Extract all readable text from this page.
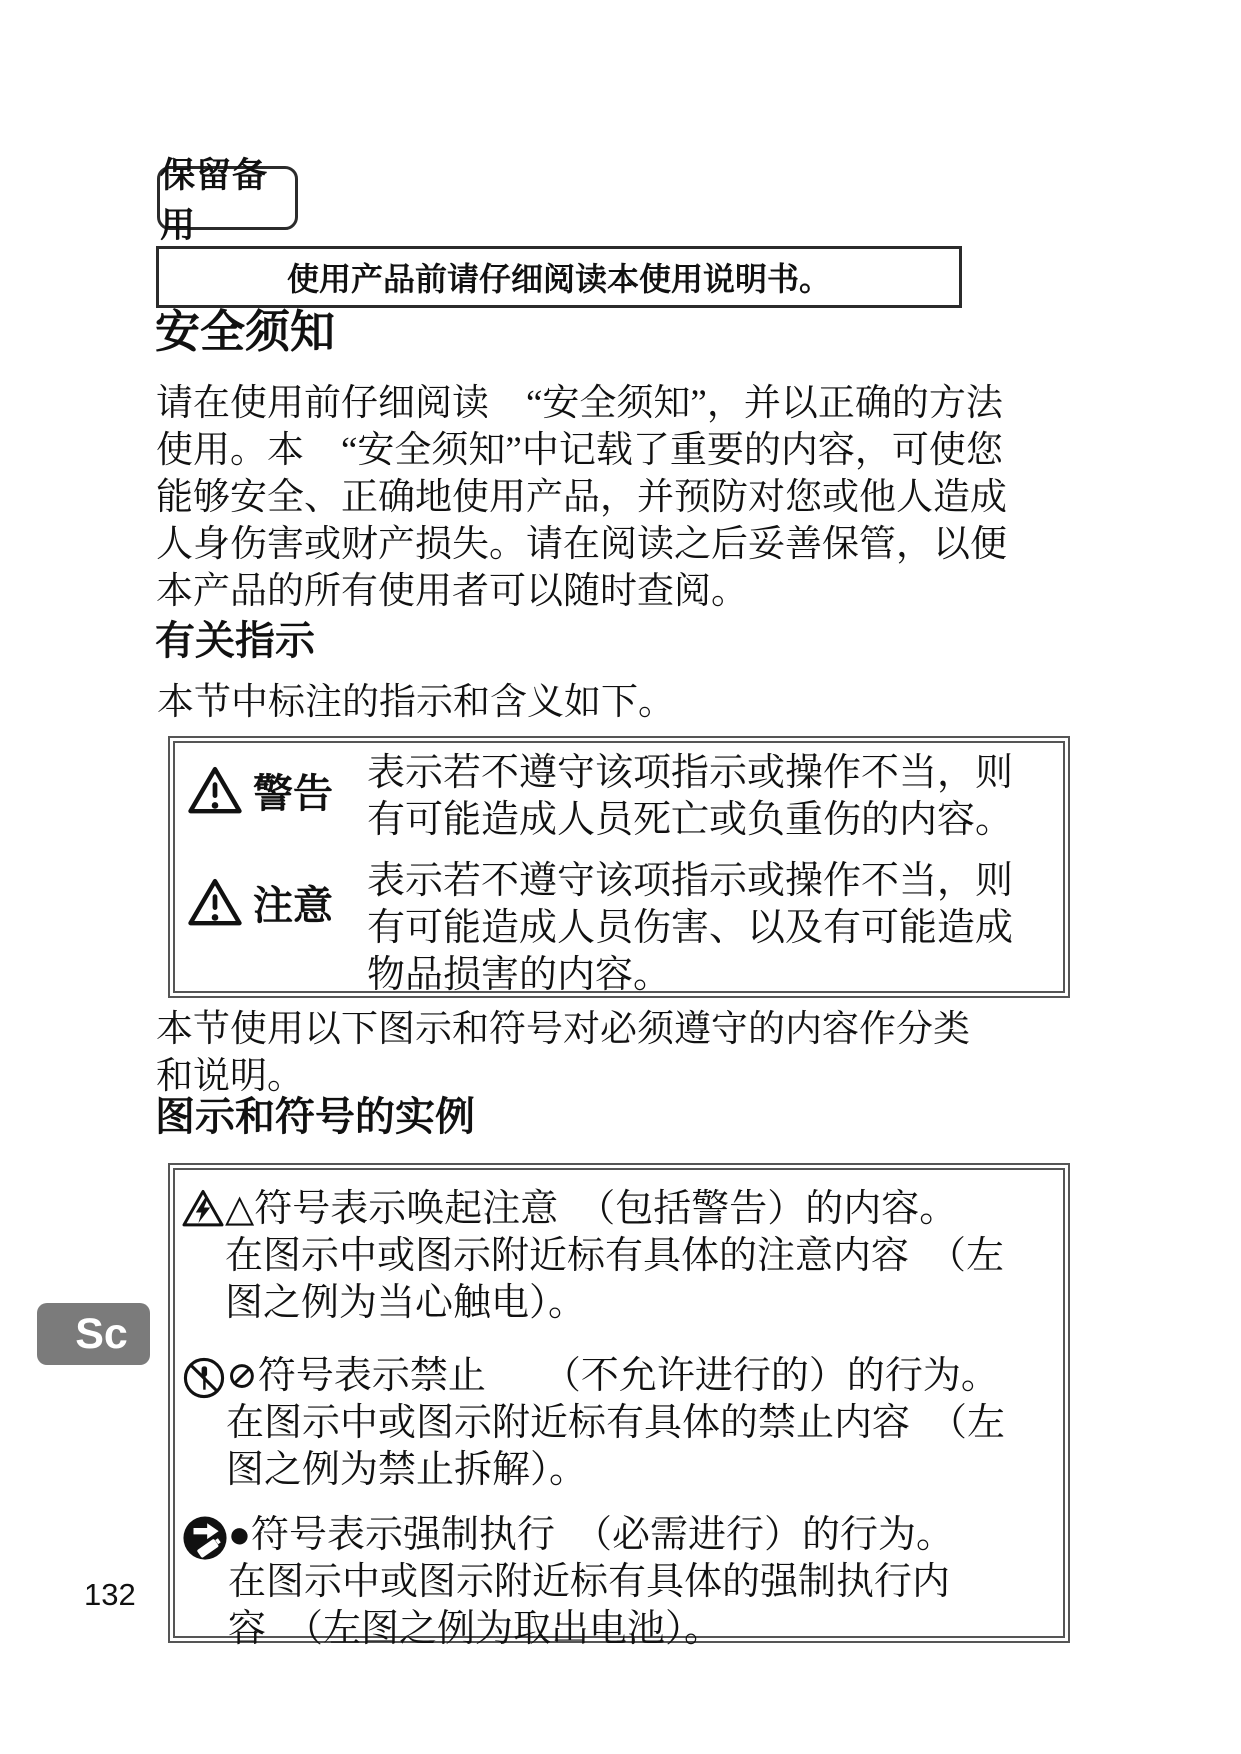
保留备用
使用产品前请仔细阅读本使用说明书。
安全须知
请在使用前仔细阅读　“安全须知”，并以正确的方法
使用。本　“安全须知”中记载了重要的内容，可使您
能够安全、正确地使用产品，并预防对您或他人造成
人身伤害或财产损失。请在阅读之后妥善保管，以便
本产品的所有使用者可以随时查阅。
有关指示
本节中标注的指示和含义如下。
警告 表示若不遵守该项指示或操作不当，则
有可能造成人员死亡或负重伤的内容。
注意
表示若不遵守该项指示或操作不当，则
有可能造成人员伤害、以及有可能造成
物品损害的内容。
本节使用以下图示和符号对必须遵守的内容作分类
和说明。
图示和符号的实例
△符号表示唤起注意　（包括警告）的内容。
在图示中或图示附近标有具体的注意内容　（左
图之例为当心触电）。
⊘符号表示禁止　　（不允许进行的）的行为。
在图示中或图示附近标有具体的禁止内容　（左
图之例为禁止拆解）。
●符号表示强制执行　（必需进行）的行为。
在图示中或图示附近标有具体的强制执行内
容　（左图之例为取出电池）。
Sc
132
